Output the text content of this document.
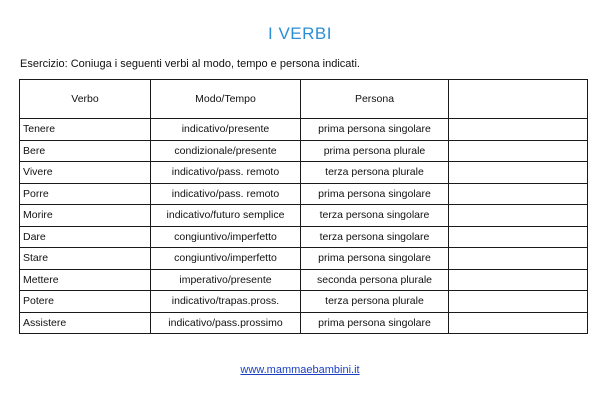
I VERBI
Esercizio: Coniuga i seguenti verbi al modo, tempo e persona indicati.
Verbo	Modo/Tempo	Persona	
Tenere	indicativo/presente	prima persona singolare	
Bere	condizionale/presente	prima persona plurale	
Vivere	indicativo/pass. remoto	terza persona plurale	
Porre	indicativo/pass. remoto	prima persona singolare	
Morire	indicativo/futuro semplice	terza persona singolare	
Dare	congiuntivo/imperfetto	terza persona singolare	
Stare	congiuntivo/imperfetto	prima persona singolare	
Mettere	imperativo/presente	seconda persona plurale	
Potere	indicativo/trapas.pross.	terza persona plurale	
Assistere	indicativo/pass.prossimo	prima persona singolare	
www.mammaebambini.it
